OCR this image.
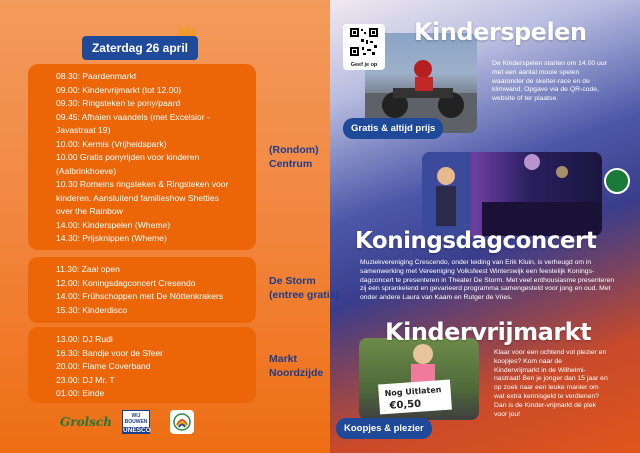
Zaterdag 26 april
08.30: Paardenmarkt
09.00: Kindervrijmarkt (tot 12.00)
09.30: Ringsteken te pony/paard
09.45: Afhalen vaandels (met Excelsior -
Javastraat 19)
10.00: Kermis (Vrijheidspark)
10.00 Gratis ponyrijden voor kinderen
(Aalbrinkhoeve)
10.30 Romeins ringsteken & Ringsteken voor
kinderen. Aansluitend familieshow Shetties
over the Rainbow
14.00: Kinderspelen (Wheme)
14.30: Prijsknippen (Wheme)
11.30: Zaal open
12.00: Koningsdagconcert Cresendo
14.00: Frühschoppen met De Nöttenkrakers
15.30: Kinderdisco
13.00: DJ Rudi
16.30: Bandje voor de Sfeer
20.00: Flame Coverband
23.00: DJ Mr. T
01.00: Einde
(Rondom)
Centrum
De Storm
(entree gratis)
Markt
Noordzijde
Grolsch	WIJ BOUWEN
UNESCO
Geef je op
Kinderspelen
De Kinderspelen starten om 14.00 uur met een aantal mooie spelen waaronder de skelter-race en de klimwand. Opgave via de QR-code, website of ter plaatse.
Gratis & altijd prijs
Koningsdagconcert
Muziekvereniging Crescendo, onder leiding van Erik Kluin, is verheugd om in samenwerking met Vereeniging Volksfeest Winterswijk een feestelijk Konings-dagconcert te presenteren in Theater De Storm. Met veel enthousiasme presenteren zij een sprankelend en gevarieerd programma samengesteld voor jong en oud. Met onder andere Laura van Kaam en Rutger de Vries.
Nog Uitlaten
€0,50
Kindervrijmarkt
Klaar voor een ochtend vol plezier en koopjes? Kom naar de Kindervrijmarkt in de Wilhelmi-nastraat! Ben je jonger dan 15 jaar en op zoek naar een leuke manier om wat extra kennisgeld te verdienen? Dan is de Kinder-vrijmarkt dé plek voor jou!
Koopjes & plezier
